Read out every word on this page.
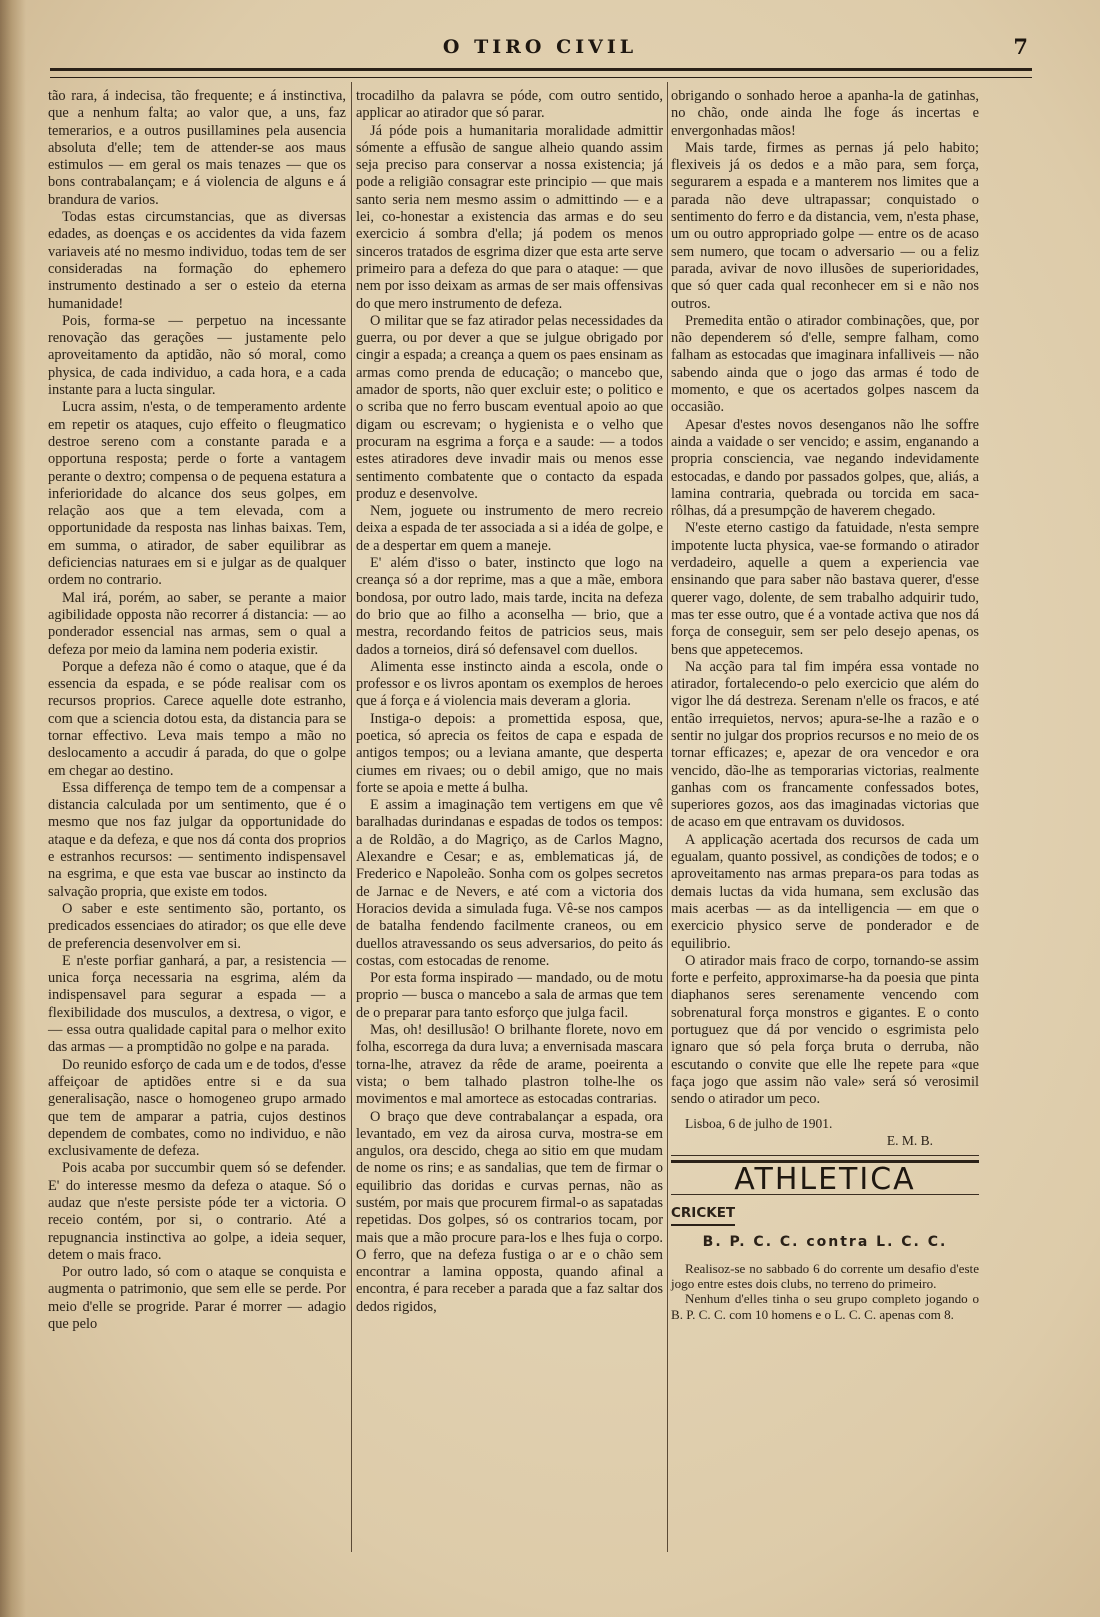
O TIRO CIVIL	7

tão rara, á indecisa, tão frequente; e á instinctiva, que a nenhum falta; ao valor que, a uns, faz temerarios, e a outros pusillamines pela ausencia absoluta d'elle; tem de attender-se aos maus estimulos — em geral os mais tenazes — que os bons contrabalançam; e á violencia de alguns e á brandura de varios.

Todas estas circumstancias, que as diversas edades, as doenças e os accidentes da vida fazem variaveis até no mesmo individuo, todas tem de ser consideradas na formação do ephemero instrumento destinado a ser o esteio da eterna humanidade!

Pois, forma-se — perpetuo na incessante renovação das gerações — justamente pelo aproveitamento da aptidão, não só moral, como physica, de cada individuo, a cada hora, e a cada instante para a lucta singular.

Lucra assim, n'esta, o de temperamento ardente em repetir os ataques, cujo effeito o fleugmatico destroe sereno com a constante parada e a opportuna resposta; perde o forte a vantagem perante o dextro; compensa o de pequena estatura a inferioridade do alcance dos seus golpes, em relação aos que a tem elevada, com a opportunidade da resposta nas linhas baixas. Tem, em summa, o atirador, de saber equilibrar as deficiencias naturaes em si e julgar as de qualquer ordem no contrario.

Mal irá, porém, ao saber, se perante a maior agibilidade opposta não recorrer á distancia: — ao ponderador essencial nas armas, sem o qual a defeza por meio da lamina nem poderia existir.

Porque a defeza não é como o ataque, que é da essencia da espada, e se póde realisar com os recursos proprios. Carece aquelle dote estranho, com que a sciencia dotou esta, da distancia para se tornar effectivo. Leva mais tempo a mão no deslocamento a accudir á parada, do que o golpe em chegar ao destino.

Essa differença de tempo tem de a compensar a distancia calculada por um sentimento, que é o mesmo que nos faz julgar da opportunidade do ataque e da defeza, e que nos dá conta dos proprios e estranhos recursos: — sentimento indispensavel na esgrima, e que esta vae buscar ao instincto da salvação propria, que existe em todos.

O saber e este sentimento são, portanto, os predicados essenciaes do atirador; os que elle deve de preferencia desenvolver em si.

E n'este porfiar ganhará, a par, a resistencia — unica força necessaria na esgrima, além da indispensavel para segurar a espada — a flexibilidade dos musculos, a dextresa, o vigor, e — essa outra qualidade capital para o melhor exito das armas — a promptidão no golpe e na parada.

Do reunido esforço de cada um e de todos, d'esse affeiçoar de aptidões entre si e da sua generalisação, nasce o homogeneo grupo armado que tem de amparar a patria, cujos destinos dependem de combates, como no individuo, e não exclusivamente de defeza.

Pois acaba por succumbir quem só se defender. E' do interesse mesmo da defeza o ataque. Só o audaz que n'este persiste póde ter a victoria. O receio contém, por si, o contrario. Até a repugnancia instinctiva ao golpe, a ideia sequer, detem o mais fraco.

Por outro lado, só com o ataque se conquista e augmenta o patrimonio, que sem elle se perde. Por meio d'elle se progride. Parar é morrer — adagio que pelo

trocadilho da palavra se póde, com outro sentido, applicar ao atirador que só parar.

Já póde pois a humanitaria moralidade admittir sómente a effusão de sangue alheio quando assim seja preciso para conservar a nossa existencia; já pode a religião consagrar este principio — que mais santo seria nem mesmo assim o admittindo — e a lei, co-honestar a existencia das armas e do seu exercicio á sombra d'ella; já podem os menos sinceros tratados de esgrima dizer que esta arte serve primeiro para a defeza do que para o ataque: — que nem por isso deixam as armas de ser mais offensivas do que mero instrumento de defeza.

O militar que se faz atirador pelas necessidades da guerra, ou por dever a que se julgue obrigado por cingir a espada; a creança a quem os paes ensinam as armas como prenda de educação; o mancebo que, amador de sports, não quer excluir este; o politico e o scriba que no ferro buscam eventual apoio ao que digam ou escrevam; o hygienista e o velho que procuram na esgrima a força e a saude: — a todos estes atiradores deve invadir mais ou menos esse sentimento combatente que o contacto da espada produz e desenvolve.

Nem, joguete ou instrumento de mero recreio deixa a espada de ter associada a si a idéa de golpe, e de a despertar em quem a maneje.

E' além d'isso o bater, instincto que logo na creança só a dor reprime, mas a que a mãe, embora bondosa, por outro lado, mais tarde, incita na defeza do brio que ao filho a aconselha — brio, que a mestra, recordando feitos de patricios seus, mais dados a torneios, dirá só defensavel com duellos.

Alimenta esse instincto ainda a escola, onde o professor e os livros apontam os exemplos de heroes que á força e á violencia mais deveram a gloria.

Instiga-o depois: a promettida esposa, que, poetica, só aprecia os feitos de capa e espada de antigos tempos; ou a leviana amante, que desperta ciumes em rivaes; ou o debil amigo, que no mais forte se apoia e mette á bulha.

E assim a imaginação tem vertigens em que vê baralhadas durindanas e espadas de todos os tempos: a de Roldão, a do Magriço, as de Carlos Magno, Alexandre e Cesar; e as, emblematicas já, de Frederico e Napoleão. Sonha com os golpes secretos de Jarnac e de Nevers, e até com a victoria dos Horacios devida a simulada fuga. Vê-se nos campos de batalha fendendo facilmente craneos, ou em duellos atravessando os seus adversarios, do peito ás costas, com estocadas de renome.

Por esta forma inspirado — mandado, ou de motu proprio — busca o mancebo a sala de armas que tem de o preparar para tanto esforço que julga facil.

Mas, oh! desillusão! O brilhante florete, novo em folha, escorrega da dura luva; a envernisada mascara torna-lhe, atravez da rêde de arame, poeirenta a vista; o bem talhado plastron tolhe-lhe os movimentos e mal amortece as estocadas contrarias.

O braço que deve contrabalançar a espada, ora levantado, em vez da airosa curva, mostra-se em angulos, ora descido, chega ao sitio em que mudam de nome os rins; e as sandalias, que tem de firmar o equilibrio das doridas e curvas pernas, não as sustém, por mais que procurem firmal-o as sapatadas repetidas. Dos golpes, só os contrarios tocam, por mais que a mão procure para-los e lhes fuja o corpo. O ferro, que na defeza fustiga o ar e o chão sem encontrar a lamina opposta, quando afinal a encontra, é para receber a parada que a faz saltar dos dedos rigidos,

obrigando o sonhado heroe a apanha-la de gatinhas, no chão, onde ainda lhe foge ás incertas e envergonhadas mãos!

Mais tarde, firmes as pernas já pelo habito; flexiveis já os dedos e a mão para, sem força, segurarem a espada e a manterem nos limites que a parada não deve ultrapassar; conquistado o sentimento do ferro e da distancia, vem, n'esta phase, um ou outro appropriado golpe — entre os de acaso sem numero, que tocam o adversario — ou a feliz parada, avivar de novo illusões de superioridades, que só quer cada qual reconhecer em si e não nos outros.

Premedita então o atirador combinações, que, por não dependerem só d'elle, sempre falham, como falham as estocadas que imaginara infalliveis — não sabendo ainda que o jogo das armas é todo de momento, e que os acertados golpes nascem da occasião.

Apesar d'estes novos desenganos não lhe soffre ainda a vaidade o ser vencido; e assim, enganando a propria consciencia, vae negando indevidamente estocadas, e dando por passados golpes, que, aliás, a lamina contraria, quebrada ou torcida em saca-rôlhas, dá a presumpção de haverem chegado.

N'este eterno castigo da fatuidade, n'esta sempre impotente lucta physica, vae-se formando o atirador verdadeiro, aquelle a quem a experiencia vae ensinando que para saber não bastava querer, d'esse querer vago, dolente, de sem trabalho adquirir tudo, mas ter esse outro, que é a vontade activa que nos dá força de conseguir, sem ser pelo desejo apenas, os bens que appetecemos.

Na acção para tal fim impéra essa vontade no atirador, fortalecendo-o pelo exercicio que além do vigor lhe dá destreza. Serenam n'elle os fracos, e até então irrequietos, nervos; apura-se-lhe a razão e o sentir no julgar dos proprios recursos e no meio de os tornar efficazes; e, apezar de ora vencedor e ora vencido, dão-lhe as temporarias victorias, realmente ganhas com os francamente confessados botes, superiores gozos, aos das imaginadas victorias que de acaso em que entravam os duvidosos.

A applicação acertada dos recursos de cada um egualam, quanto possivel, as condições de todos; e o aproveitamento nas armas prepara-os para todas as demais luctas da vida humana, sem exclusão das mais acerbas — as da intelligencia — em que o exercicio physico serve de ponderador e de equilibrio.

O atirador mais fraco de corpo, tornando-se assim forte e perfeito, approximarse-ha da poesia que pinta diaphanos seres serenamente vencendo com sobrenatural força monstros e gigantes. E o conto portuguez que dá por vencido o esgrimista pelo ignaro que só pela força bruta o derruba, não escutando o convite que elle lhe repete para «que faça jogo que assim não vale» será só verosimil sendo o atirador um peco.

Lisboa, 6 de julho de 1901.
E. M. B.
ATHLETICA
CRICKET
B. P. C. C. contra L. C. C.

Realisoz-se no sabbado 6 do corrente um desafio d'este jogo entre estes dois clubs, no terreno do primeiro.

Nenhum d'elles tinha o seu grupo completo jogando o B. P. C. C. com 10 homens e o L. C. C. apenas com 8.
